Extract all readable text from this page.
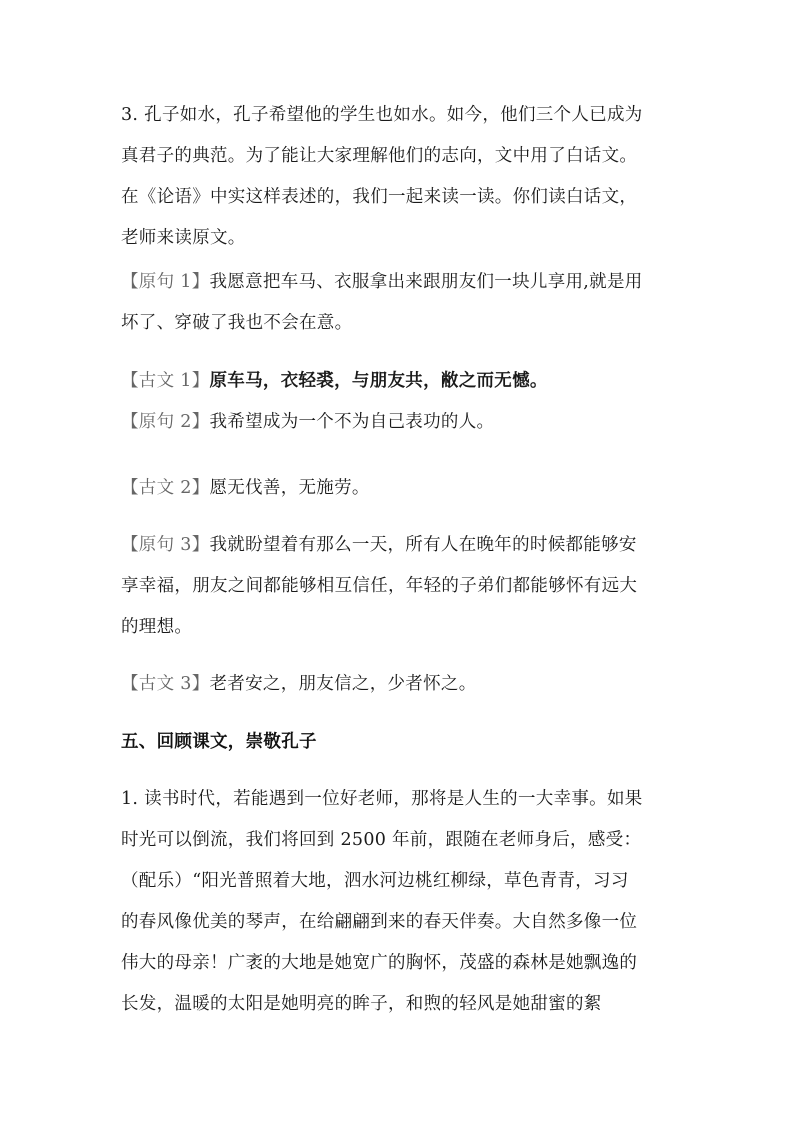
3. 孔子如水，孔子希望他的学生也如水。如今，他们三个人已成为
真君子的典范。为了能让大家理解他们的志向，文中用了白话文。
在《论语》中实这样表述的，我们一起来读一读。你们读白话文，
老师来读原文。
【原句 1】我愿意把车马、衣服拿出来跟朋友们一块儿享用,就是用
坏了、穿破了我也不会在意。
【古文 1】原车马，衣轻裘，与朋友共，敝之而无憾。
【原句 2】我希望成为一个不为自己表功的人。
【古文 2】愿无伐善，无施劳。
【原句 3】我就盼望着有那么一天，所有人在晚年的时候都能够安
享幸福，朋友之间都能够相互信任，年轻的子弟们都能够怀有远大
的理想。
【古文 3】老者安之，朋友信之，少者怀之。
五、回顾课文，崇敬孔子
1. 读书时代，若能遇到一位好老师，那将是人生的一大幸事。如果
时光可以倒流，我们将回到 2500 年前，跟随在老师身后，感受：
（配乐）“阳光普照着大地，泗水河边桃红柳绿，草色青青，习习
的春风像优美的琴声，在给翩翩到来的春天伴奏。大自然多像一位
伟大的母亲！广袤的大地是她宽广的胸怀，茂盛的森林是她飘逸的
长发，温暖的太阳是她明亮的眸子，和煦的轻风是她甜蜜的絮
